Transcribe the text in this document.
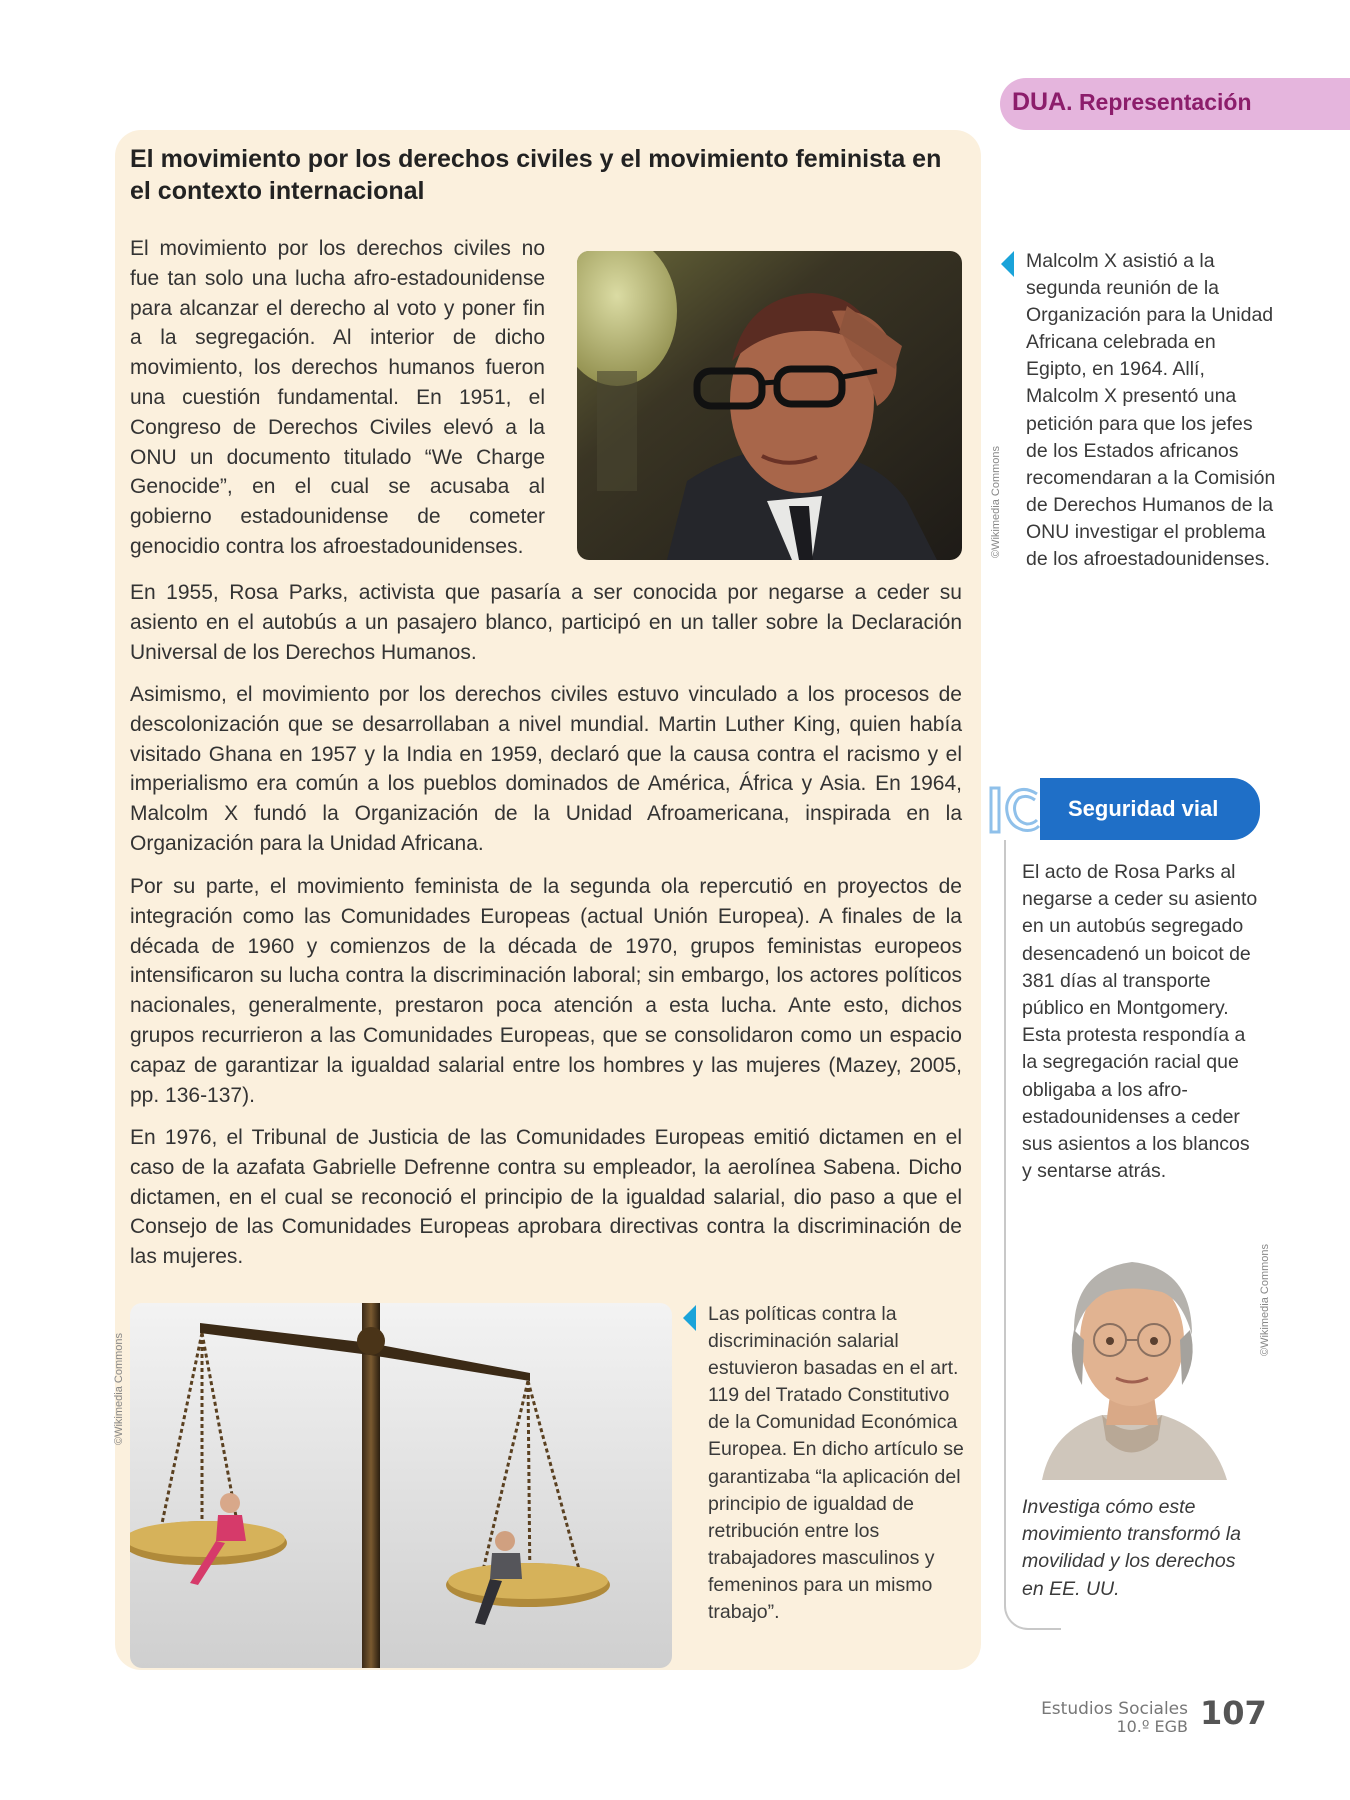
DUA. Representación
El movimiento por los derechos civiles y el movimiento feminista en el contexto internacional

El movimiento por los derechos civiles no fue tan solo una lucha afro-estadounidense para alcanzar el derecho al voto y poner fin a la segregación. Al interior de dicho movimiento, los derechos humanos fueron una cuestión fundamental. En 1951, el Congreso de Derechos Civiles elevó a la ONU un documento titulado “We Charge Genocide”, en el cual se acusaba al gobierno estadounidense de cometer genocidio contra los afroestadounidenses.	©Wikimedia Commons

Malcolm X asistió a la segunda reunión de la Organización para la Unidad Africana celebrada en Egipto, en 1964. Allí, Malcolm X presentó una petición para que los jefes de los Estados africanos recomendaran a la Comisión de Derechos Humanos de la ONU investigar el problema de los afroestadounidenses.

En 1955, Rosa Parks, activista que pasaría a ser conocida por negarse a ceder su asiento en el autobús a un pasajero blanco, participó en un taller sobre la Declaración Universal de los Derechos Humanos.

Asimismo, el movimiento por los derechos civiles estuvo vinculado a los procesos de descolonización que se desarrollaban a nivel mundial. Martin Luther King, quien había visitado Ghana en 1957 y la India en 1959, declaró que la causa contra el racismo y el imperialismo era común a los pueblos dominados de América, África y Asia. En 1964, Malcolm X fundó la Organización de la Unidad Afroamericana, inspirada en la Organización para la Unidad Africana.

Por su parte, el movimiento feminista de la segunda ola repercutió en proyectos de integración como las Comunidades Europeas (actual Unión Europea). A finales de la década de 1960 y comienzos de la década de 1970, grupos feministas europeos intensificaron su lucha contra la discriminación laboral; sin embargo, los actores políticos nacionales, generalmente, prestaron poca atención a esta lucha. Ante esto, dichos grupos recurrieron a las Comunidades Europeas, que se consolidaron como un espacio capaz de garantizar la igualdad salarial entre los hombres y las mujeres (Mazey, 2005, pp. 136-137).

En 1976, el Tribunal de Justicia de las Comunidades Europeas emitió dictamen en el caso de la azafata Gabrielle Defrenne contra su empleador, la aerolínea Sabena. Dicho dictamen, en el cual se reconoció el principio de la igualdad salarial, dio paso a que el Consejo de las Comunidades Europeas aprobara directivas contra la discriminación de las mujeres.

©Wikimedia Commons

Las políticas contra la discriminación salarial estuvieron basadas en el art. 119 del Tratado Constitutivo de la Comunidad Económica Europea. En dicho artículo se garantizaba “la aplicación del principio de igualdad de retribución entre los trabajadores masculinos y femeninos para un mismo trabajo”.

Seguridad vial

El acto de Rosa Parks al negarse a ceder su asiento en un autobús segregado desencadenó un boicot de 381 días al transporte público en Montgomery. Esta protesta respondía a la segregación racial que obligaba a los afro-estadounidenses a ceder sus asientos a los blancos y sentarse atrás.

©Wikimedia Commons

Investiga cómo este movimiento transformó la movilidad y los derechos en EE. UU.

Estudios Sociales
10.º EGB 107
